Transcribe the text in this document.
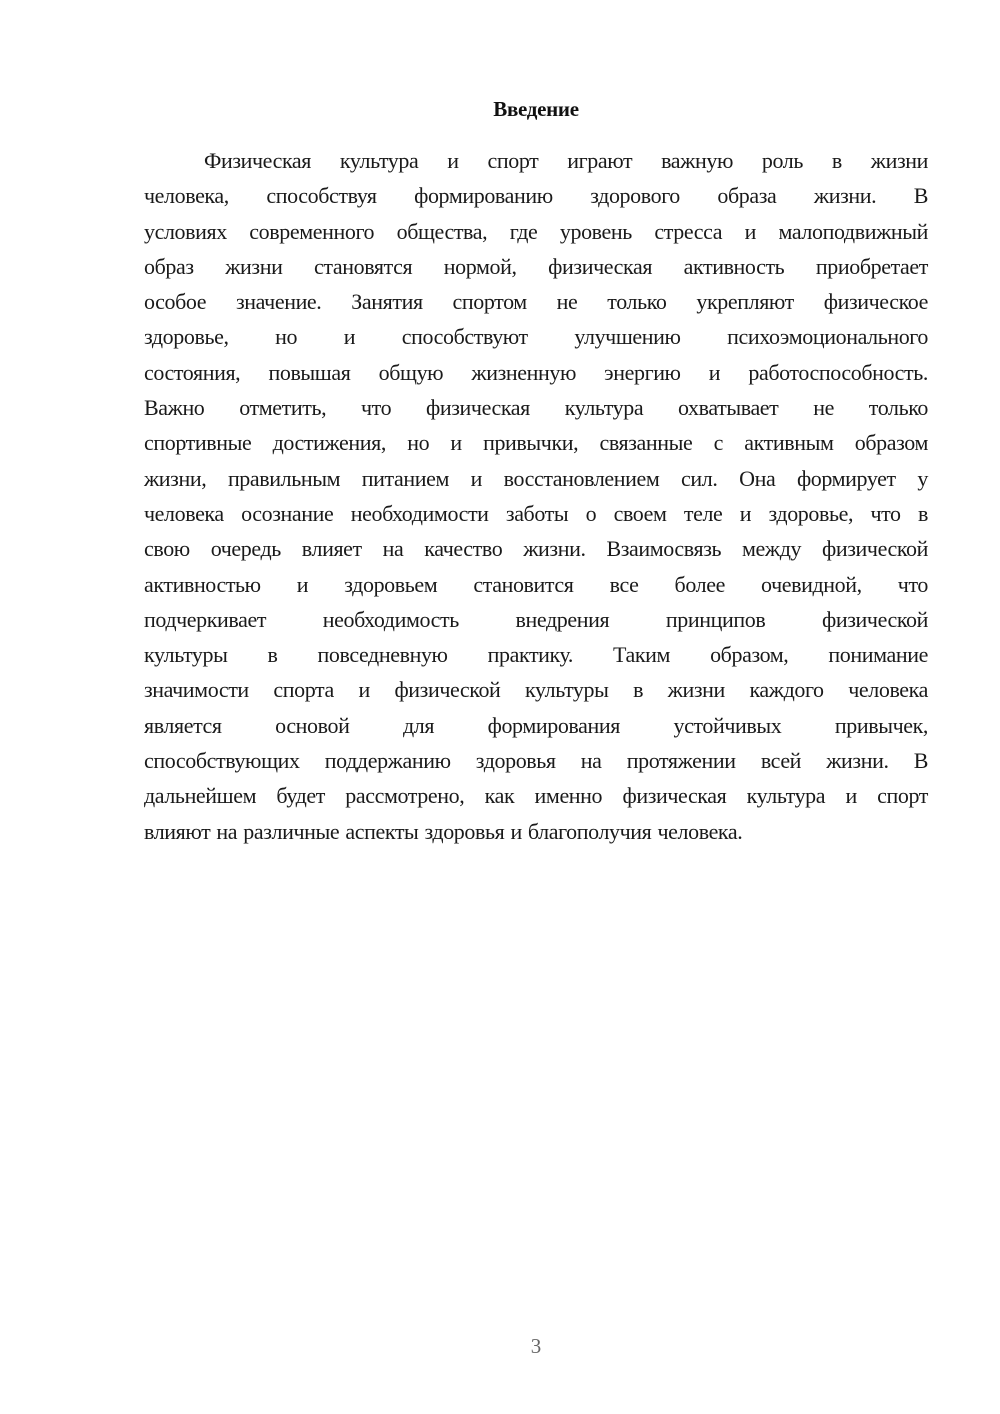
Введение
Физическая культура и спорт играют важную роль в жизни
человека, способствуя формированию здорового образа жизни. В
условиях современного общества, где уровень стресса и малоподвижный
образ жизни становятся нормой, физическая активность приобретает
особое значение. Занятия спортом не только укрепляют физическое
здоровье, но и способствуют улучшению психоэмоционального
состояния, повышая общую жизненную энергию и работоспособность.
Важно отметить, что физическая культура охватывает не только
спортивные достижения, но и привычки, связанные с активным образом
жизни, правильным питанием и восстановлением сил. Она формирует у
человека осознание необходимости заботы о своем теле и здоровье, что в
свою очередь влияет на качество жизни. Взаимосвязь между физической
активностью и здоровьем становится все более очевидной, что
подчеркивает необходимость внедрения принципов физической
культуры в повседневную практику. Таким образом, понимание
значимости спорта и физической культуры в жизни каждого человека
является основой для формирования устойчивых привычек,
способствующих поддержанию здоровья на протяжении всей жизни. В
дальнейшем будет рассмотрено, как именно физическая культура и спорт
влияют на различные аспекты здоровья и благополучия человека.
3
